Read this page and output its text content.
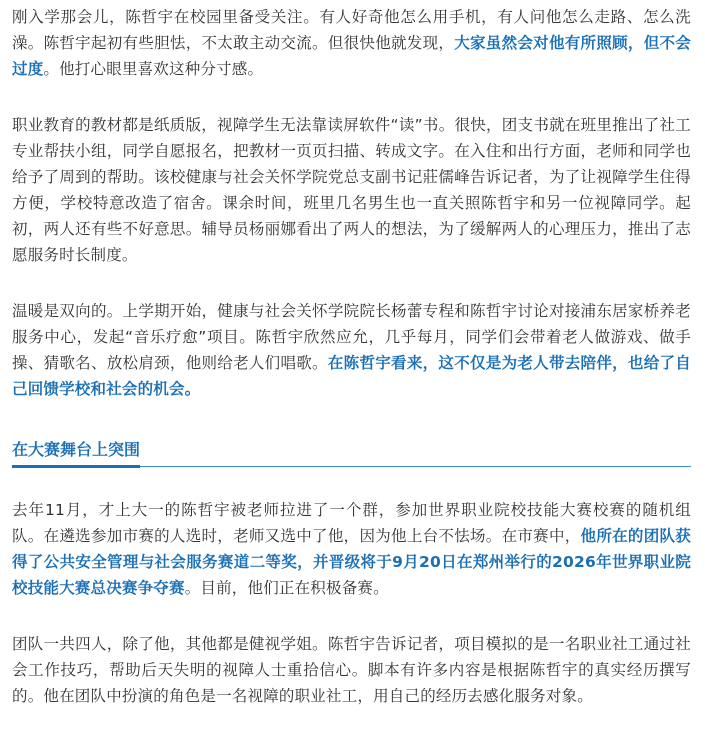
刚入学那会儿，陈哲宇在校园里备受关注。有人好奇他怎么用手机，有人问他怎么走路、怎么洗澡。陈哲宇起初有些胆怯，不太敢主动交流。但很快他就发现，大家虽然会对他有所照顾，但不会过度。他打心眼里喜欢这种分寸感。

职业教育的教材都是纸质版，视障学生无法靠读屏软件“读”书。很快，团支书就在班里推出了社工专业帮扶小组，同学自愿报名，把教材一页页扫描、转成文字。在入住和出行方面，老师和同学也给予了周到的帮助。该校健康与社会关怀学院党总支副书记莊儒峰告诉记者，为了让视障学生住得方便，学校特意改造了宿舍。课余时间，班里几名男生也一直关照陈哲宇和另一位视障同学。起初，两人还有些不好意思。辅导员杨丽娜看出了两人的想法，为了缓解两人的心理压力，推出了志愿服务时长制度。

温暖是双向的。上学期开始，健康与社会关怀学院院长杨蕾专程和陈哲宇讨论对接浦东居家桥养老服务中心，发起“音乐疗愈”项目。陈哲宇欣然应允，几乎每月，同学们会带着老人做游戏、做手操、猜歌名、放松肩颈，他则给老人们唱歌。在陈哲宇看来，这不仅是为老人带去陪伴，也给了自己回馈学校和社会的机会。

在大赛舞台上突围

去年11月，才上大一的陈哲宇被老师拉进了一个群，参加世界职业院校技能大赛校赛的随机组队。在遴选参加市赛的人选时，老师又选中了他，因为他上台不怯场。在市赛中，他所在的团队获得了公共安全管理与社会服务赛道二等奖，并晋级将于9月20日在郑州举行的2026年世界职业院校技能大赛总决赛争夺赛。目前，他们正在积极备赛。

团队一共四人，除了他，其他都是健视学姐。陈哲宇告诉记者，项目模拟的是一名职业社工通过社会工作技巧，帮助后天失明的视障人士重拾信心。脚本有许多内容是根据陈哲宇的真实经历撰写的。他在团队中扮演的角色是一名视障的职业社工，用自己的经历去感化服务对象。
